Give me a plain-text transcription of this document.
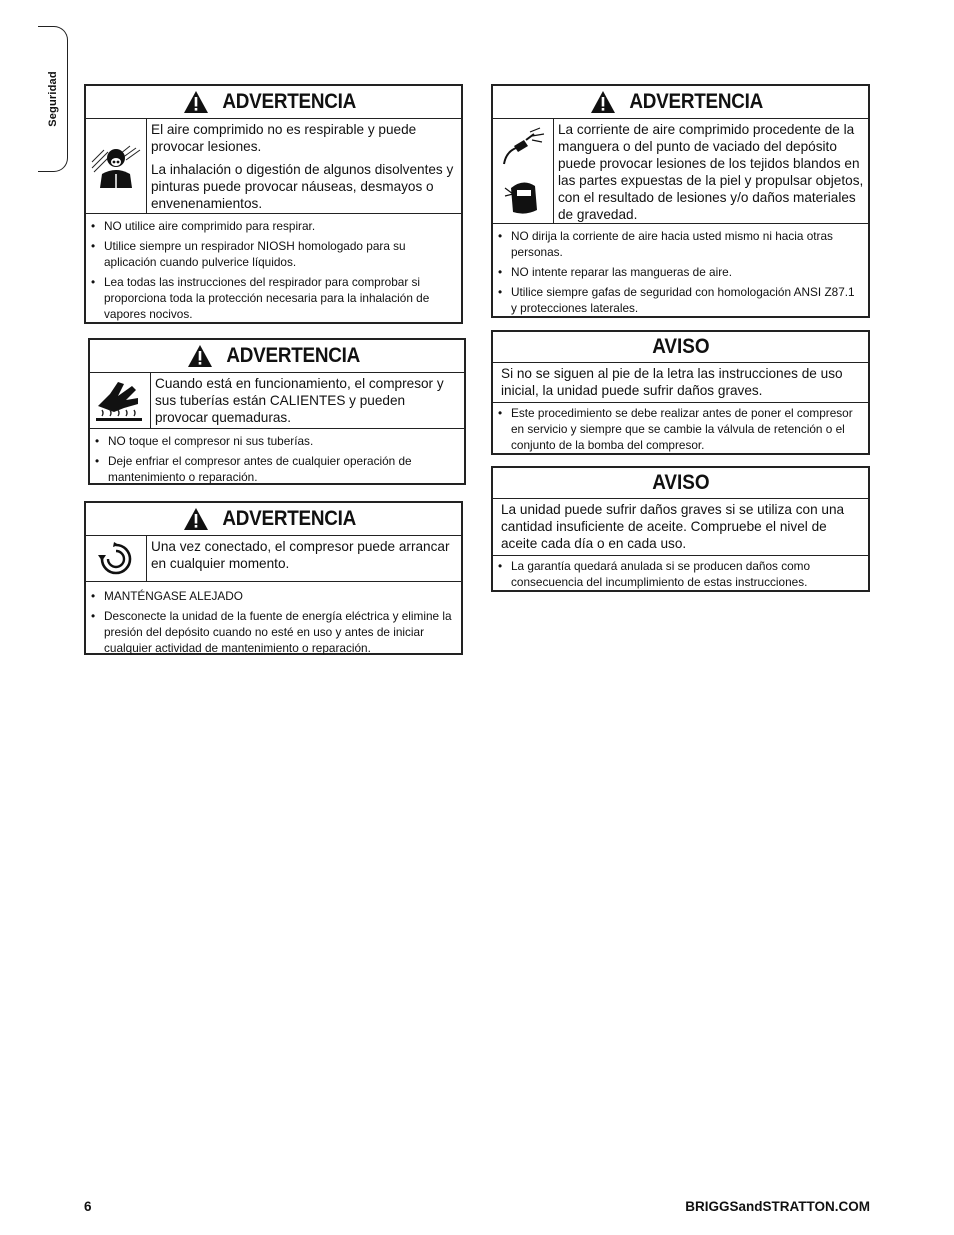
Seguridad	ADVERTENCIA

El aire comprimido no es respirable y puede provocar lesiones.

La inhalación o digestión de algunos disolventes y pinturas puede provocar náuseas, desmayos o envenenamientos.

• NO utilice aire comprimido para respirar.
• Utilice siempre un respirador NIOSH homologado para su aplicación cuando pulverice líquidos.
• Lea todas las instrucciones del respirador para comprobar si proporciona toda la protección necesaria para la inhalación de vapores nocivos.
ADVERTENCIA

Cuando está en funcionamiento, el compresor y sus tuberías están CALIENTES y pueden provocar quemaduras.

• NO toque el compresor ni sus tuberías.
• Deje enfriar el compresor antes de cualquier operación de mantenimiento o reparación.
ADVERTENCIA

Una vez conectado, el compresor puede arrancar en cualquier momento.

• MANTÉNGASE ALEJADO
• Desconecte la unidad de la fuente de energía eléctrica y elimine la presión del depósito cuando no esté en uso y antes de iniciar cualquier actividad de mantenimiento o reparación.
ADVERTENCIA

La corriente de aire comprimido procedente de la manguera o del punto de vaciado del depósito puede provocar lesiones de los tejidos blandos en las partes expuestas de la piel y propulsar objetos, con el resultado de lesiones y/o daños materiales de gravedad.

• NO dirija la corriente de aire hacia usted mismo ni hacia otras personas.
• NO intente reparar las mangueras de aire.
• Utilice siempre gafas de seguridad con homologación ANSI Z87.1 y protecciones laterales.
AVISO
Si no se siguen al pie de la letra las instrucciones de uso inicial, la unidad puede sufrir daños graves.
• Este procedimiento se debe realizar antes de poner el compresor en servicio y siempre que se cambie la válvula de retención o el conjunto de la bomba del compresor.
AVISO
La unidad puede sufrir daños graves si se utiliza con una cantidad insuficiente de aceite. Compruebe el nivel de aceite cada día o en cada uso.
• La garantía quedará anulada si se producen daños como consecuencia del incumplimiento de estas instrucciones.
6	BRIGGSandSTRATTON.COM
